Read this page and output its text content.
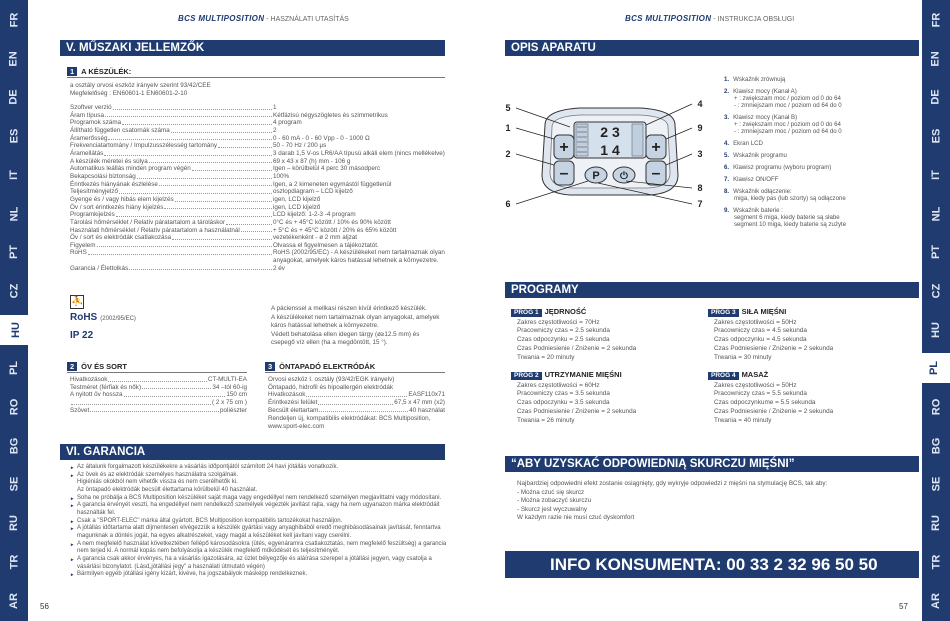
FR
EN
DE
ES
IT
NL
PT
CZ
HU
PL
RO
BG
SE
RU
TR
AR
FR
EN
DE
ES
IT
NL
PT
CZ
HU
PL
RO
BG
SE
RU
TR
AR
BCS MULTIPOSITION - HASZNÁLATI UTASÍTÁS	BCS MULTIPOSITION - INSTRUKCJA OBSŁUGI
V. MŰSZAKI JELLEMZŐK
1 A KÉSZÜLÉK:
a osztály orvosi eszköz irányelv szerint 93/42/CEE
Megfelelőség : EN60601-1 EN60601-2-10
Szoftver verzió	1
Áram típusa	Kétfázisú négyszögletes és szimmetrikus
Programok száma	4 program
Állítható független csatornák száma	2
Áramerősség	0 - 60 mA - 0 - 60 Vpp - 0 - 1000 Ω
Frekvenciatartomány / Impulzusszélesség tartomány	50 - 70 Hz / 200 μs
Áramellátás	3 darab 1,5 V-os LR6/AA típusú alkáli elem (nincs mellékelve)
A készülék méretei és súlya	69 x 43 x 87 (h) mm - 106 g
Automatikus leállás minden program végén	Igen – körülbelül 4 perc 30 másodperc
Bekapcsolási biztonság	100%
Érintkezés hiányának észlelése	Igen, a 2 kimeneten egymástól függetlenül
Teljesítményjelző	oszlopdiagram – LCD kijelző
Gyenge és / vagy hibás elem kijelzés	igen, LCD kijelző
Öv / sort érintkezés hiány kijelzés	igen, LCD kijelző
Programkijelzés	LCD kijelző: 1-2-3 -4 program
Tárolási hőmérséklet / Relatív páratartalom a tároláskor	0°C és + 45°C között / 10% és 90% között
Használati hőmérséklet / Relatív páratartalom a használatnál	+ 5°C és + 45°C között / 20% és 65% között
Öv / sort és elektródák csatlakozása	vezetékenként - ø 2 mm aljzat
Figyelem	Olvassa el figyelmesen a tájékoztatót.
RoHS	RoHS (2002/95/EC) - A készülékeket nem tartalmaznak olyan
anyagokat, amelyek káros hatással lehetnek a környezetre.
Garancia / Élettolkás	2 év
⛹
A pácienssel a mellkasi részen kívül érintkező készülék.
RoHS (2002/95/EC)	A készülékeket nem tartalmaznak olyan anyagokat, amelyek
káros hatással lehetnek a környezetre.
IP 22	Védett behatolása ellen idegen tárgy (ø≥12.5 mm) és
csepegő víz ellen (ha a megdöntött, 15 °).
2 ÖV ÉS SORT
Hivatkozások	CT-MULTI-EA
Testméret (férfiak és nők)	34 –tól 60-ig
A nyitott öv hossza	150 cm
( 2 x 75 cm )
Szövet	poliészter
3 ÖNTAPADÓ ELEKTRÓDÁK
Orvosi eszköz I. osztály (93/42/EGK irányelv)
Öntapadó, hidrofil és hipoallergén elektródák
Hivatkozások	EASF110x71
Érintkezési felület	67,5 x 47 mm (x2)
Becsült élettartam	40 használat
Rendeljen új, kompatibilis elektródákat: BCS Multiposition,
www.sport-elec.com
VI. GARANCIA
► Az általunk forgalmazott készülékekre a vásárlás időpontjától számított 24 havi jótállás vonatkozik.
► Az övek és az elektródák személyes használatra szolgálnak.
Higiéniás okokból nem vihetők vissza és nem cserélhetők ki.
Az öntapadó elektródák becsült élettartama körülbelül 40 használat.
► Soha ne próbálja a BCS Multiposition készüléket saját maga vagy engedéllyel nem rendelkező személyen megjavíttatni vagy módosítani.
► A garancia érvényét veszti, ha engedéllyel nem rendelkező személyek végezték javítást rajta, vagy ha nem ugyanazon márka elektródáit
használták fel.
► Csak a "SPORT-ELEC" márka által gyártott, BCS Multiposition kompatibilis tartozékokat használjon.
► A jótállás időtartama alatt díjmentesen elvégezzük a készülék gyártási vagy anyaghibából eredő meghibásodásainak javítását, fenntartva
magunknak a döntés jogát, ha egyes alkatrészeket, vagy magát a készüléket kell javítani vagy cserélni.
► A nem megfelelő használat következtében fellépő károsodásokra (ütés, egyenáramra csatlakoztatás, nem megfelelő feszültség) a garancia
nem terjed ki. A normál kopás nem befolyásolja a készülék megfelelő működését és teljesítményét.
► A garancia csak akkor érvényes, ha a vásárlás igazolására, az üzlet bélyegzője és aláírása szerepel a jótállási jegyen, vagy csatolja a
vásárlási bizonylatot. (Lásd„jótállási jegy" a használati útmutató végén)
► Bármilyen egyéb jótállási igény kizárt, kivéve, ha jogszabályok másképp rendelkeznek.
56
OPIS APARATU
2 3
1 4
+	+
–	–
P ⏻
5
1
2
6
4
9
3
8
7
1. Wskaźnik zrównują
2. Klawisz mocy (Kanał A)
+ : zwiększam moc / poziom od 0 do 64
- : zmniejszam moc / poziom od 64 do 0
3. Klawisz mocy (Kanał B)
+ : zwiększam moc / poziom od 0 do 64
- : zmniejszam moc / poziom od 64 do 0
4. Ekran LCD
5. Wskaźnik programu
6. Klawisz programu (wyboru program)
7. Klawisz ON/OFF
8. Wskaźnik odłączenie:
miga, kiedy pas (lub szorty) są odłączone
9. Wskaźnik baterie :
segment 6 miga, kiedy baterie są słabe
segment 10 miga, kiedy baterie są zużyte
PROGRAMY
PROG 1 JĘDRNOŚĆ
Zakres częstotliwości = 70Hz
Pracowniczy czas = 2.5 sekunda
Czas odpoczynku = 2.5 sekunda
Czas Podniesienie / Zniżenie = 2 sekunda
Trwania = 20 minuty
PROG 2 UTRZYMANIE MIĘŚNI
Zakres częstotliwości = 60Hz
Pracowniczy czas = 3.5 sekunda
Czas odpoczynku = 3.5 sekunda
Czas Podniesienie / Zniżenie = 2 sekunda
Trwania = 26 minuty
PROG 3 SIŁA MIĘŚNI
Zakres częstotliwości = 50Hz
Pracowniczy czas = 4.5 sekunda
Czas odpoczynku = 4.5 sekunda
Czas Podniesienie / Zniżenie = 2 sekunda
Trwania = 30 minuty
PROG 4 MASAŻ
Zakres częstotliwości = 50Hz
Pracowniczy czas = 5.5 sekunda
Czas odpoczynkume = 5.5 sekunda
Czas Podniesienie / Zniżenie = 2 sekunda
Trwania = 40 minuty
“ABY UZYSKAĆ ODPOWIEDNIĄ SKURCZU MIĘŚNI”
Najbardziej odpowiedni efekt zostanie osiągnięty, gdy wykryje odpowiedzi z mięśni na stymulację BCS, tak aby:
- Można czuć się skurcz
- Można zobaczyć skurczu
- Skurcz jest wyczuwalny
W każdym razie nie musi czuć dyskomfort
INFO KONSUMENTA: 00 33 2 32 96 50 50
57
